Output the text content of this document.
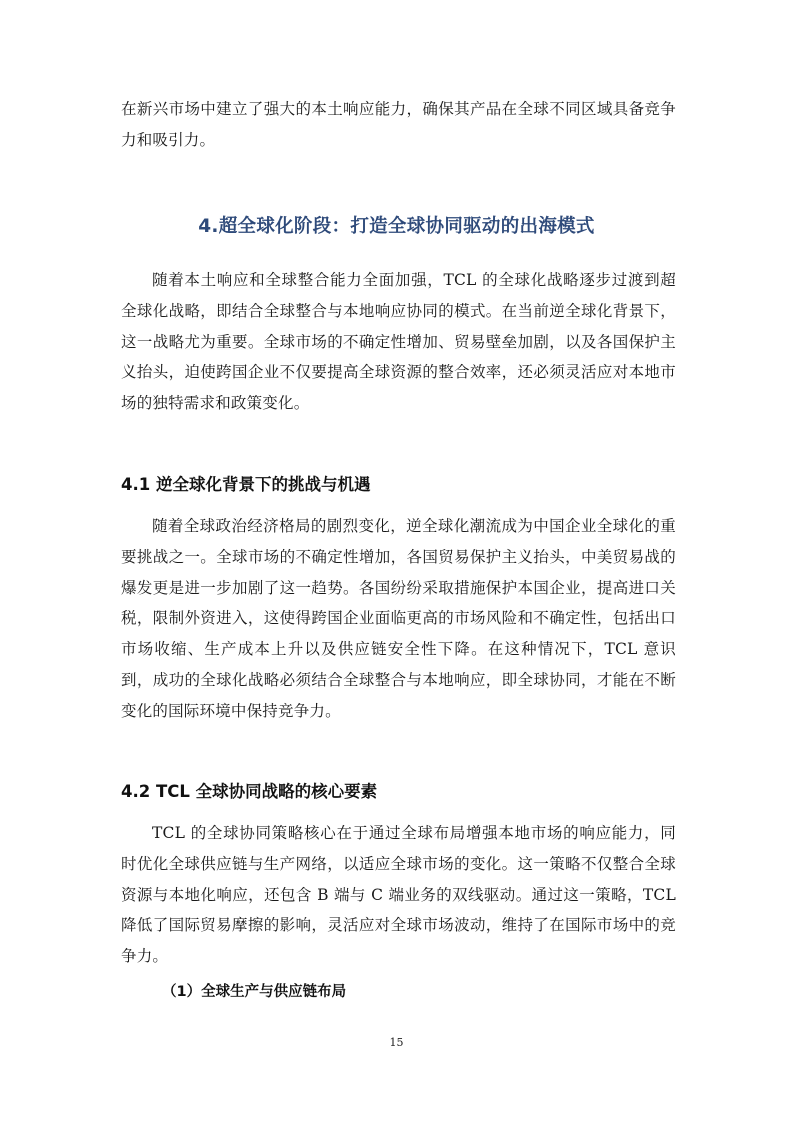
在新兴市场中建立了强大的本土响应能力，确保其产品在全球不同区域具备竞争力和吸引力。

4.超全球化阶段：打造全球协同驱动的出海模式

随着本土响应和全球整合能力全面加强，TCL 的全球化战略逐步过渡到超全球化战略，即结合全球整合与本地响应协同的模式。在当前逆全球化背景下，这一战略尤为重要。全球市场的不确定性增加、贸易壁垒加剧，以及各国保护主义抬头，迫使跨国企业不仅要提高全球资源的整合效率，还必须灵活应对本地市场的独特需求和政策变化。

4.1 逆全球化背景下的挑战与机遇

随着全球政治经济格局的剧烈变化，逆全球化潮流成为中国企业全球化的重要挑战之一。全球市场的不确定性增加，各国贸易保护主义抬头，中美贸易战的爆发更是进一步加剧了这一趋势。各国纷纷采取措施保护本国企业，提高进口关税，限制外资进入，这使得跨国企业面临更高的市场风险和不确定性，包括出口市场收缩、生产成本上升以及供应链安全性下降。在这种情况下，TCL 意识到，成功的全球化战略必须结合全球整合与本地响应，即全球协同，才能在不断变化的国际环境中保持竞争力。

4.2 TCL 全球协同战略的核心要素

TCL 的全球协同策略核心在于通过全球布局增强本地市场的响应能力，同时优化全球供应链与生产网络，以适应全球市场的变化。这一策略不仅整合全球资源与本地化响应，还包含 B 端与 C 端业务的双线驱动。通过这一策略，TCL 降低了国际贸易摩擦的影响，灵活应对全球市场波动，维持了在国际市场中的竞争力。

（1）全球生产与供应链布局
15
